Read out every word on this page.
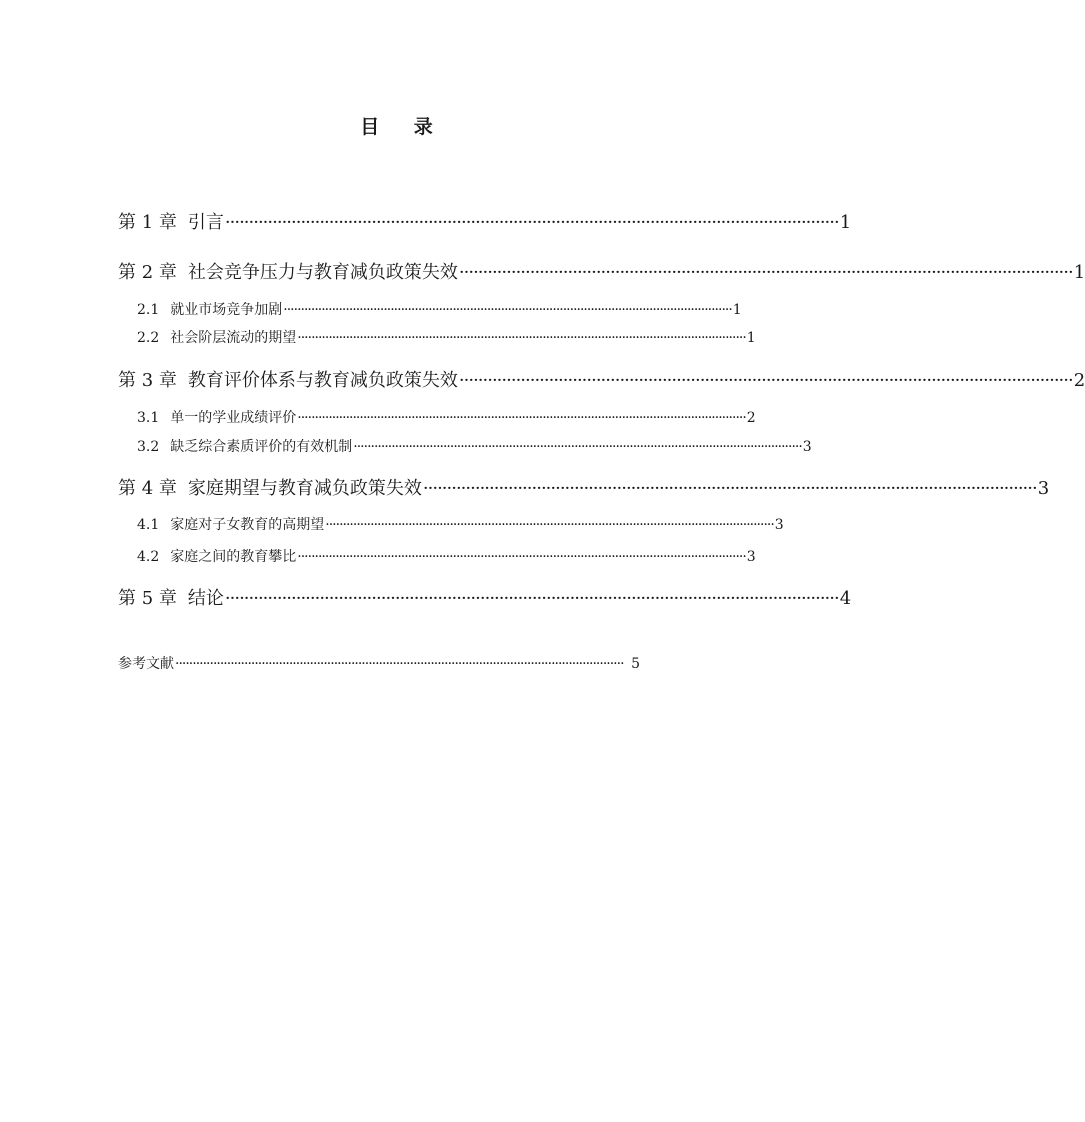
目 录
第 1 章 引言 ·································································································································· 1
第 2 章 社会竞争压力与教育减负政策失效 ·································································································································· 1
2.1 就业市场竞争加剧 ·································································································································· 1
2.2 社会阶层流动的期望 ·································································································································· 1
第 3 章 教育评价体系与教育减负政策失效 ·································································································································· 2
3.1 单一的学业成绩评价 ·································································································································· 2
3.2 缺乏综合素质评价的有效机制 ·································································································································· 3
第 4 章 家庭期望与教育减负政策失效 ·································································································································· 3
4.1 家庭对子女教育的高期望 ·································································································································· 3
4.2 家庭之间的教育攀比 ·································································································································· 3
第 5 章 结论 ·································································································································· 4
参考文献 ·································································································································· 5
